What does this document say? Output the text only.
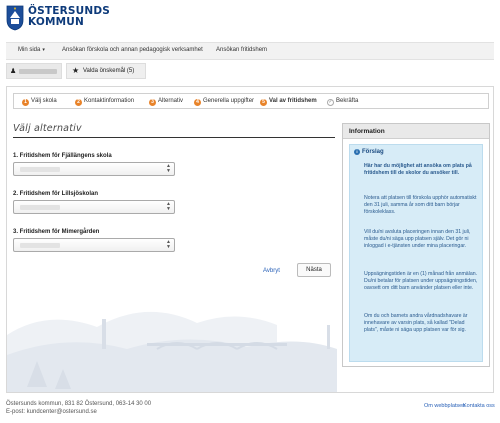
ÖSTERSUNDS
KOMMUN
Min sida ▾	Ansökan förskola och annan pedagogisk verksamhet Ansökan fritidshem
♟	★ Valda önskemål (5)
1 Välj skola	2 Kontaktinformation	3 Alternativ	4 Generella uppgifter	5 Val av fritidshem ✓ Bekräfta
Välj alternativ
1. Fritidshem för Fjällängens skola
▲
▼
2. Fritidshem för Lillsjöskolan
▲
▼
3. Fritidshem för Mimergården
▲
▼
Avbryt	Nästa
Information
i Förslag

Här har du möjlighet att ansöka om plats på fritidshem till de skolor du ansöker till.

Notera att platsen till förskola upphör automatiskt den 31 juli, samma år som ditt barn börjar förskoleklass.

Vill du/ni avsluta placeringen innan den 31 juli, måste du/ni säga upp platsen själv. Det gör ni inloggad i e-tjänsten under mina placeringar.

Uppsägningstiden är en (1) månad från anmälan. Du/ni betalar för platsen under uppsägningstiden, oavsett om ditt barn använder platsen eller inte.

Om du och barnets andra vårdnadshavare är innehavare av varsin plats, så kallad "Delad plats", måste ni säga upp platsen var för sig.

Östersunds kommun, 831 82 Östersund, 063-14 30 00
E-post: kundcenter@ostersund.se
Om webbplatsen
Kontakta oss
